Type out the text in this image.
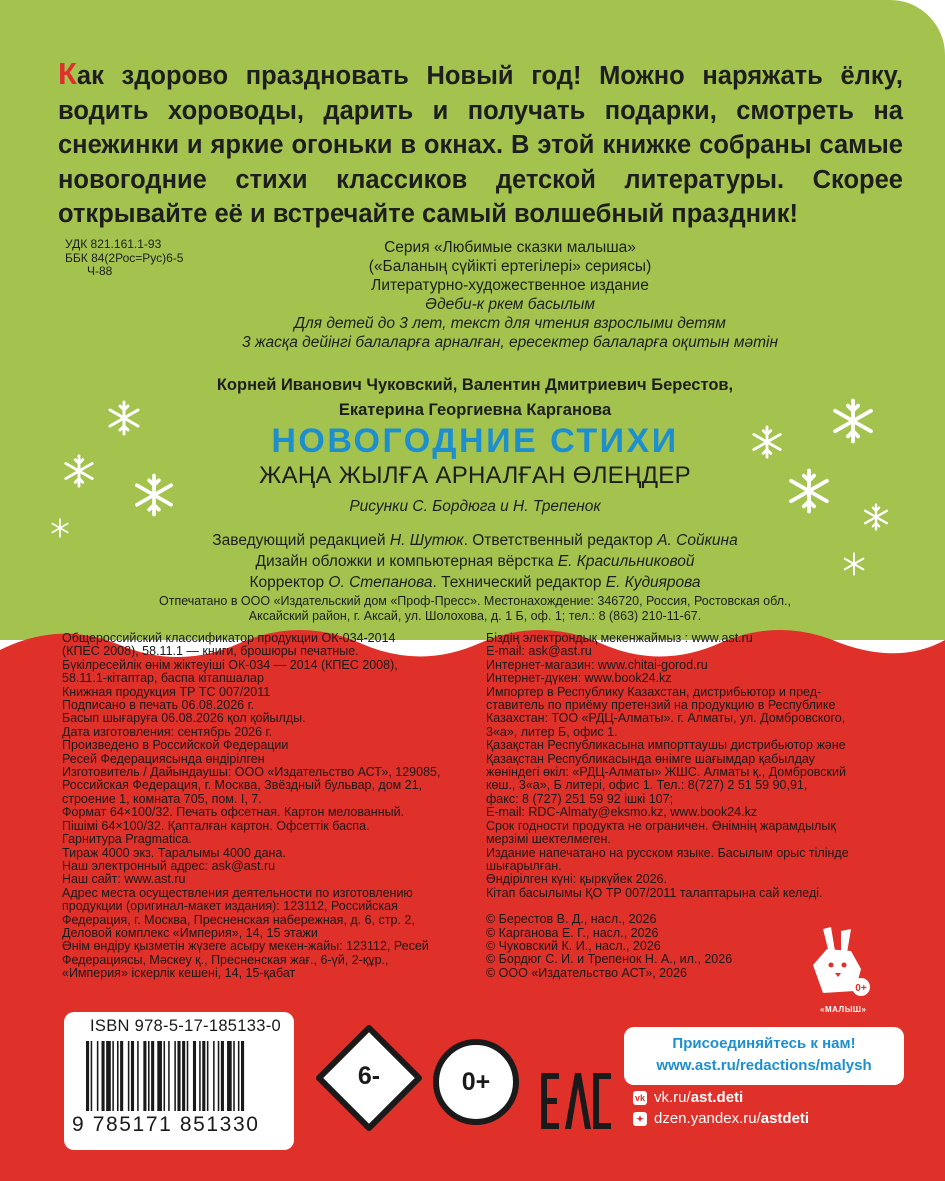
Как здорово праздновать Новый год! Можно наряжать ёлку, водить хороводы, дарить и получать подарки, смотреть на снежинки и яркие огоньки в окнах. В этой книжке собраны самые новогодние стихи классиков детской литературы. Скорее открывайте её и встречайте самый волшебный праздник!

УДК 821.161.1-93
ББК 84(2Рос=Рус)6-5
Ч-88
Серия «Любимые сказки малыша»
(«Баланың сүйікті ертегілері» сериясы)
Литературно-художественное издание
Әдеби-к ркем басылым
Для детей до 3 лет, текст для чтения взрослыми детям
3 жасқа дейінгі балаларға арналған, ересектер балаларға оқитын мәтін
Корней Иванович Чуковский, Валентин Дмитриевич Берестов,
Екатерина Георгиевна Карганова
НОВОГОДНИЕ СТИХИ
ЖАҢА ЖЫЛҒА АРНАЛҒАН ӨЛЕҢДЕР
Рисунки С. Бордюга и Н. Трепенок
Заведующий редакцией Н. Шутюк. Ответственный редактор А. Сойкина
Дизайн обложки и компьютерная вёрстка Е. Красильниковой
Корректор О. Степанова. Технический редактор Е. Кудиярова
Отпечатано в ООО «Издательский дом «Проф-Пресс». Местонахождение: 346720, Россия, Ростовская обл.,
Аксайский район, г. Аксай, ул. Шолохова, д. 1 Б, оф. 1; тел.: 8 (863) 210-11-67.
Общероссийский классификатор продукции ОК-034-2014
(КПЕС 2008), 58.11.1 — книги, брошюры печатные.
Бүкілресейлік өнім жіктеуіші ОК-034 — 2014 (КПЕС 2008),
58.11.1-кітаптар, баспа кітапшалар
Книжная продукция ТР ТС 007/2011
Подписано в печать 06.08.2026 г.
Басып шығаруға 06.08.2026 қол қойылды.
Дата изготовления: сентябрь 2026 г.
Произведено в Российской Федерации
Ресей Федерациясында өндірілген
Изготовитель / Дайындаушы: ООО «Издательство АСТ», 129085,
Российская Федерация, г. Москва, Звёздный бульвар, дом 21,
строение 1, комната 705, пом. I, 7.
Формат 64×100/32. Печать офсетная. Картон мелованный.
Пішімі 64×100/32. Қапталған картон. Офсеттік баспа.
Гарнитура Pragmatica.
Тираж 4000 экз. Таралымы 4000 дана.
Наш электронный адрес: ask@ast.ru
Наш сайт: www.ast.ru
Адрес места осуществления деятельности по изготовлению
продукции (оригинал-макет издания): 123112, Российская
Федерация, г. Москва, Пресненская набережная, д. 6, стр. 2,
Деловой комплекс «Империя», 14, 15 этажи
Өнім өндіру қызметін жүзеге асыру мекен-жайы: 123112, Ресей
Федерациясы, Мәскеу қ., Пресненская жағ., 6-үй, 2-құр.,
«Империя» іскерлік кешені, 14, 15-қабат
Біздің электрондық мекенжаймыз : www.ast.ru
E-mail: ask@ast.ru
Интернет-магазин: www.chitai-gorod.ru
Интернет-дүкен: www.book24.kz
Импортер в Республику Казахстан, дистрибьютор и пред-
ставитель по приёму претензий на продукцию в Республике
Казахстан: ТОО «РДЦ-Алматы». г. Алматы, ул. Домбровского,
3«а», литер Б, офис 1.
Қазақстан Республикасына импорттаушы дистрибьютор және
Қазақстан Республикасында өнімге шағымдар қабылдау
жөніндегі өкіл: «РДЦ-Алматы» ЖШС. Алматы қ., Домбровский
көш., 3«а», Б литері, офис 1. Тел.: 8(727) 2 51 59 90,91,
факс: 8 (727) 251 59 92 ішкі 107;
E-mail: RDC-Almaty@eksmo.kz, www.book24.kz
Срок годности продукта не ограничен. Өнімнің жарамдылық
мерзімі шектелмеген.
Издание напечатано на русском языке. Басылым орыс тілінде
шығарылған.
Өндірілген күні: қыркүйек 2026.
Кітап басылымы ҚО ТР 007/2011 талаптарына сай келеді.
© Берестов В. Д., насл., 2026
© Карганова Е. Г., насл., 2026
© Чуковский К. И., насл., 2026
© Бордюг С. И. и Трепенок Н. А., ил., 2026
© ООО «Издательство АСТ», 2026
0+
«МАЛЫШ»
ISBN 978-5-17-185133-0
9 785171 851330
6-	0+
Присоединяйтесь к нам!
www.ast.ru/redactions/malysh
vk vk.ru/ast.deti
✦ dzen.yandex.ru/astdeti
